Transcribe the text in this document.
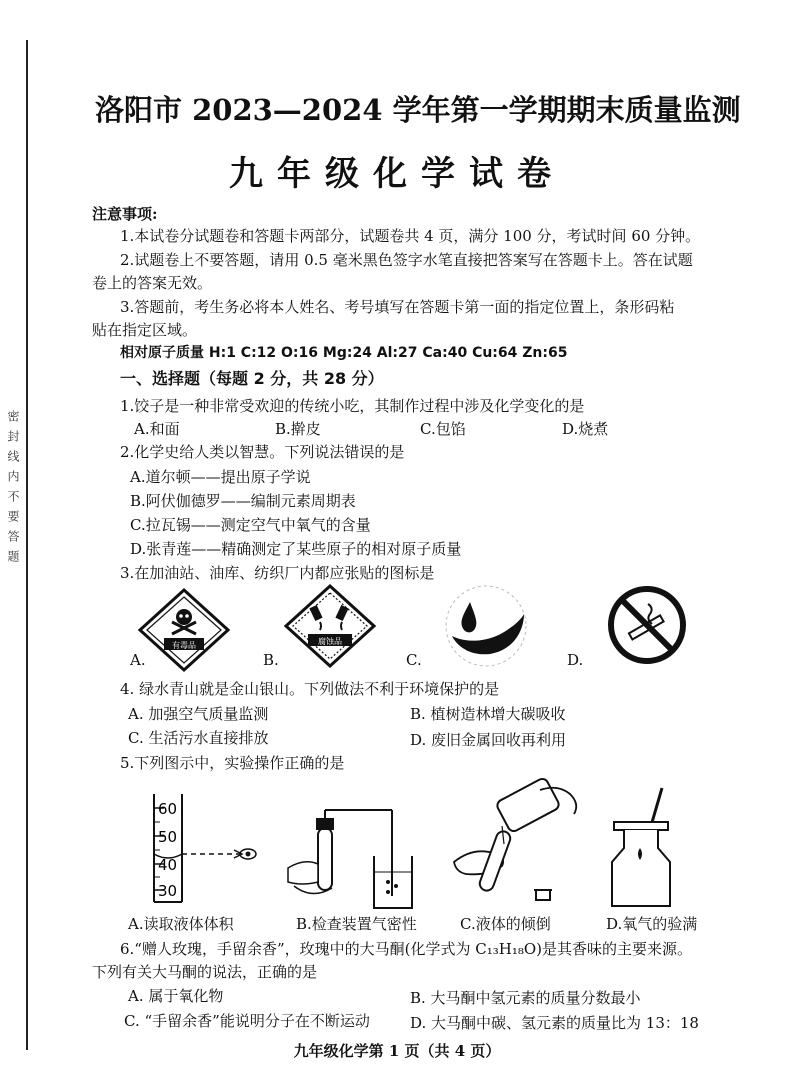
密封线内不要答题
洛阳市 2023—2024 学年第一学期期末质量监测
九年级化学试卷
注意事项:
1.本试卷分试题卷和答题卡两部分，试题卷共 4 页，满分 100 分，考试时间 60 分钟。
2.试题卷上不要答题，请用 0.5 毫米黑色签字水笔直接把答案写在答题卡上。答在试题
卷上的答案无效。
3.答题前，考生务必将本人姓名、考号填写在答题卡第一面的指定位置上，条形码粘
贴在指定区域。
相对原子质量 H:1 C:12 O:16 Mg:24 Al:27 Ca:40 Cu:64 Zn:65
一、选择题（每题 2 分，共 28 分）
1.饺子是一种非常受欢迎的传统小吃，其制作过程中涉及化学变化的是
A.和面	B.擀皮	C.包馅	D.烧煮
2.化学史给人类以智慧。下列说法错误的是
A.道尔顿——提出原子学说
B.阿伏伽德罗——编制元素周期表
C.拉瓦锡——测定空气中氧气的含量
D.张青莲——精确测定了某些原子的相对原子质量
3.在加油站、油库、纺织厂内都应张贴的图标是
有毒品
A.
腐蚀品
B.	C.	D.
4. 绿水青山就是金山银山。下列做法不利于环境保护的是
A. 加强空气质量监测	B. 植树造林增大碳吸收
C. 生活污水直接排放	D. 废旧金属回收再利用
5.下列图示中，实验操作正确的是
60
50
40
30
A.读取液体体积	B.检查装置气密性	C.液体的倾倒	D.氧气的验满
6.“赠人玫瑰，手留余香”，玫瑰中的大马酮(化学式为 C₁₃H₁₈O)是其香味的主要来源。
下列有关大马酮的说法，正确的是
A. 属于氧化物	B. 大马酮中氢元素的质量分数最小
C. “手留余香”能说明分子在不断运动	D. 大马酮中碳、氢元素的质量比为 13：18
九年级化学第 1 页（共 4 页）
